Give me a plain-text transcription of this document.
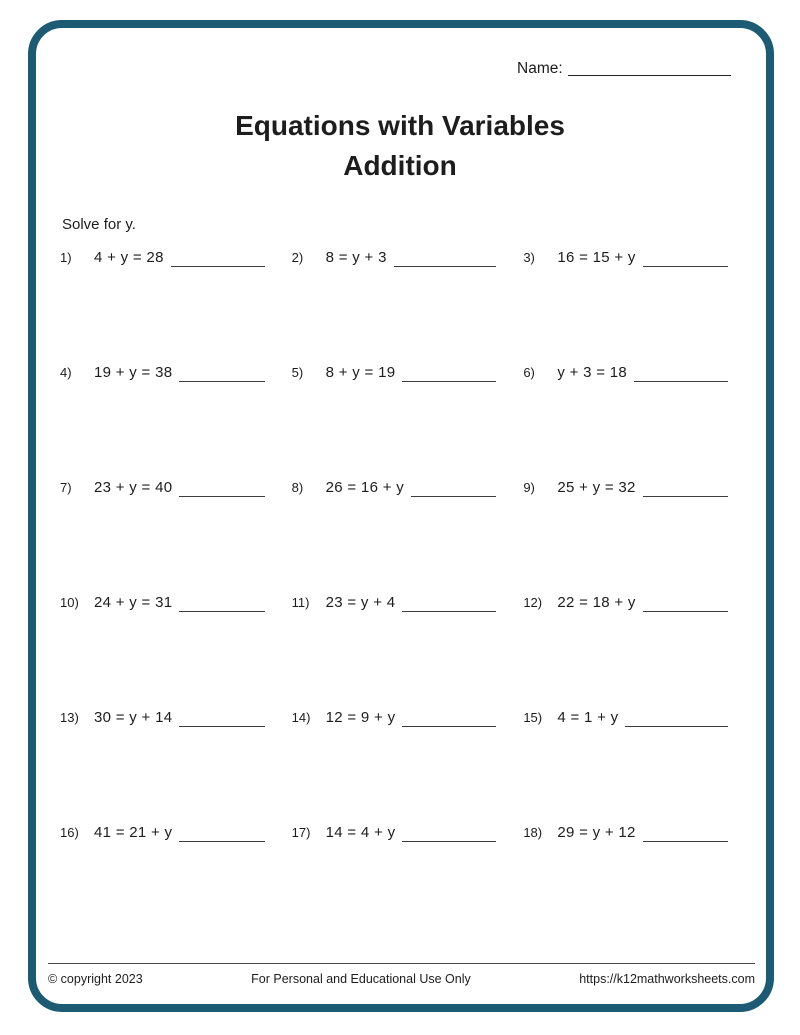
Name:
Equations with Variables
Addition
Solve for y.
1)	4 + y = 28	2)	8 = y + 3	3)	16 = 15 + y
4)	19 + y = 38	5)	8 + y = 19	6)	y + 3 = 18
7)	23 + y = 40	8)	26 = 16 + y	9)	25 + y = 32
10)	24 + y = 31	11)	23 = y + 4	12)	22 = 18 + y
13)	30 = y + 14	14)	12 = 9 + y	15)	4 = 1 + y
16)	41 = 21 + y	17)	14 = 4 + y	18)	29 = y + 12
© copyright 2023	For Personal and Educational Use Only	https://k12mathworksheets.com
